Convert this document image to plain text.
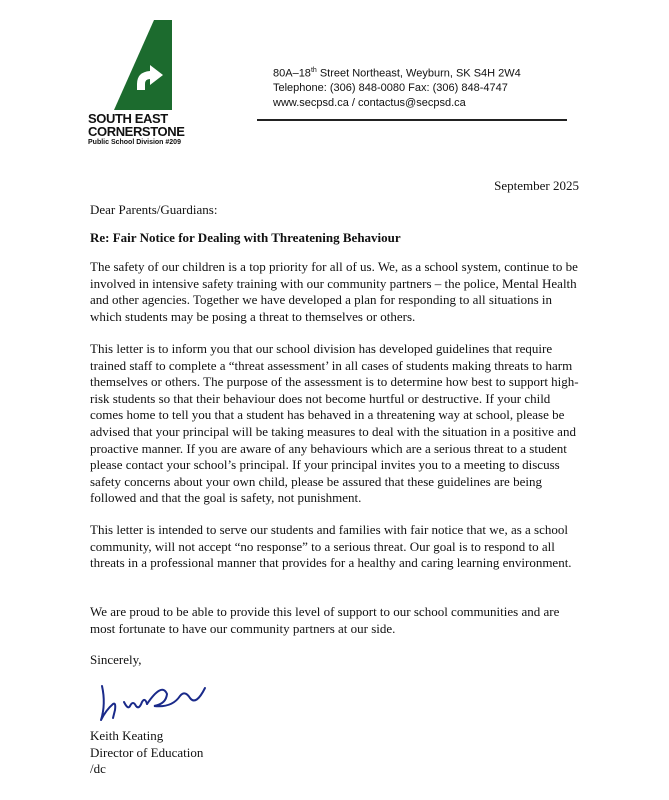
SOUTH EAST
CORNERSTONE
Public School Division #209
80A–18th Street Northeast, Weyburn, SK S4H 2W4
Telephone: (306) 848-0080 Fax: (306) 848-4747
www.secpsd.ca / contactus@secpsd.ca
September 2025
Dear Parents/Guardians:
Re: Fair Notice for Dealing with Threatening Behaviour

The safety of our children is a top priority for all of us. We, as a school system, continue to be involved in intensive safety training with our community partners – the police, Mental Health and other agencies. Together we have developed a plan for responding to all situations in which students may be posing a threat to themselves or others.

This letter is to inform you that our school division has developed guidelines that require trained staff to complete a “threat assessment’ in all cases of students making threats to harm themselves or others. The purpose of the assessment is to determine how best to support high-risk students so that their behaviour does not become hurtful or destructive. If your child comes home to tell you that a student has behaved in a threatening way at school, please be advised that your principal will be taking measures to deal with the situation in a positive and proactive manner. If you are aware of any behaviours which are a serious threat to a student please contact your school’s principal. If your principal invites you to a meeting to discuss safety concerns about your own child, please be assured that these guidelines are being followed and that the goal is safety, not punishment.

This letter is intended to serve our students and families with fair notice that we, as a school community, will not accept “no response” to a serious threat. Our goal is to respond to all threats in a professional manner that provides for a healthy and caring learning environment.

We are proud to be able to provide this level of support to our school communities and are most fortunate to have our community partners at our side.

Sincerely,
Keith Keating
Director of Education
/dc
